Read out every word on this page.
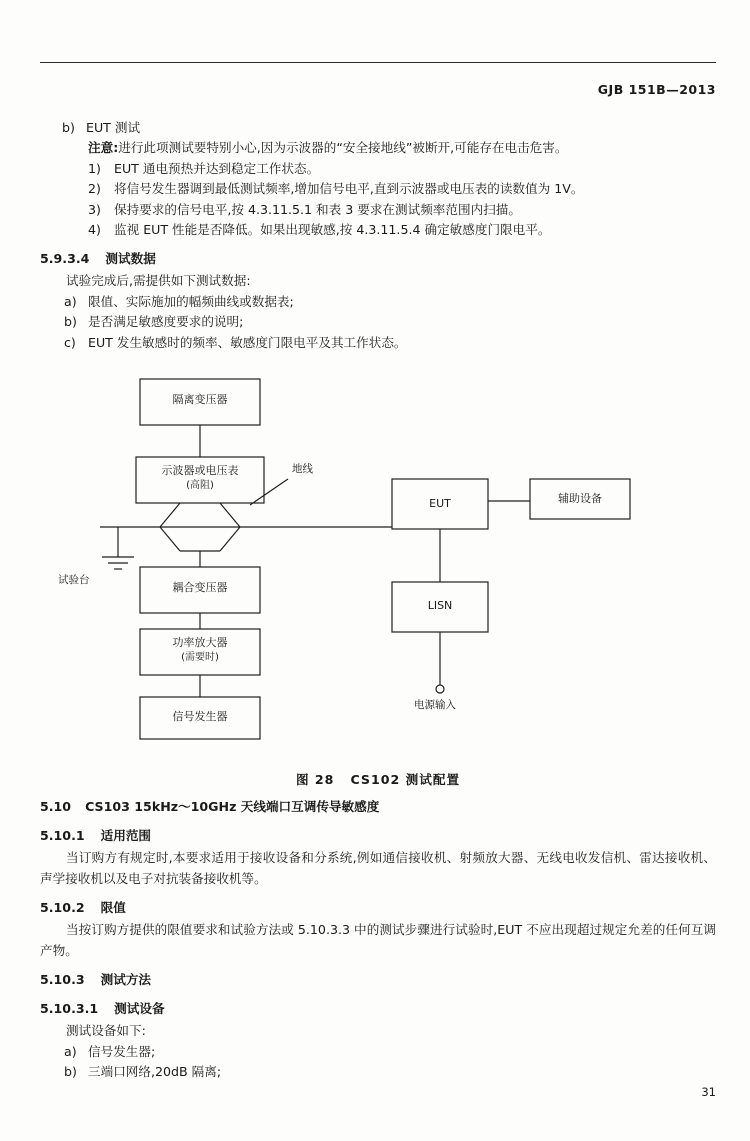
GJB 151B—2013
b) EUT 测试
注意:进行此项测试要特别小心,因为示波器的“安全接地线”被断开,可能存在电击危害。
1)	EUT 通电预热并达到稳定工作状态。
2)	将信号发生器调到最低测试频率,增加信号电平,直到示波器或电压表的读数值为 1V。
3)	保持要求的信号电平,按 4.3.11.5.1 和表 3 要求在测试频率范围内扫描。
4)	监视 EUT 性能是否降低。如果出现敏感,按 4.3.11.5.4 确定敏感度门限电平。
5.9.3.4 测试数据
试验完成后,需提供如下测试数据:
a) 限值、实际施加的幅频曲线或数据表;
b) 是否满足敏感度要求的说明;
c) EUT 发生敏感时的频率、敏感度门限电平及其工作状态。
隔离变压器
示波器或电压表
(高阻)
耦合变压器
功率放大器
(需要时)
信号发生器
EUT	辅助设备
LISN
地线
试验台
电源输入
图 28 CS102 测试配置
5.10 CS103 15kHz～10GHz 天线端口互调传导敏感度
5.10.1 适用范围
当订购方有规定时,本要求适用于接收设备和分系统,例如通信接收机、射频放大器、无线电收发信机、雷达接收机、声学接收机以及电子对抗装备接收机等。
5.10.2 限值
当按订购方提供的限值要求和试验方法或 5.10.3.3 中的测试步骤进行试验时,EUT 不应出现超过规定允差的任何互调产物。
5.10.3 测试方法
5.10.3.1 测试设备
测试设备如下:
a) 信号发生器;
b) 三端口网络,20dB 隔离;
31
